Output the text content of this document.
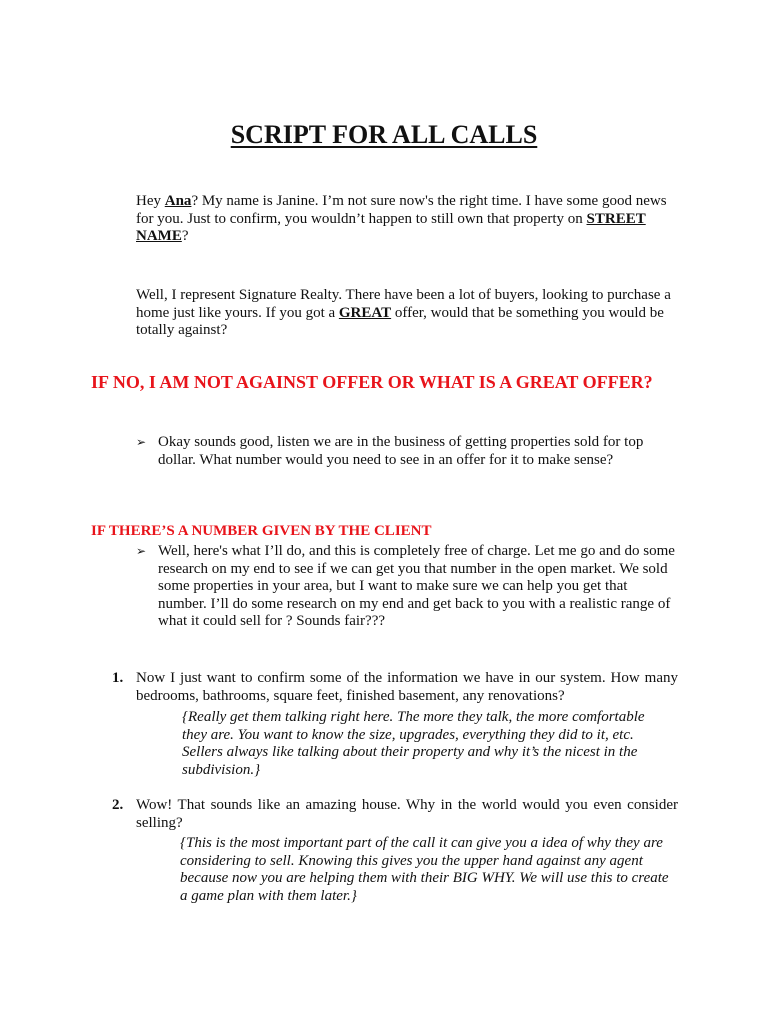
SCRIPT FOR ALL CALLS

Hey Ana? My name is Janine. I’m not sure now's the right time. I have some good news for you. Just to confirm, you wouldn’t happen to still own that property on STREET NAME?

Well, I represent Signature Realty. There have been a lot of buyers, looking to purchase a home just like yours. If you got a GREAT offer, would that be something you would be totally against?

IF NO, I AM NOT AGAINST OFFER OR WHAT IS A GREAT OFFER?

➢ Okay sounds good, listen we are in the business of getting properties sold for top dollar. What number would you need to see in an offer for it to make sense?

IF THERE’S A NUMBER GIVEN BY THE CLIENT

➢ Well, here's what I’ll do, and this is completely free of charge. Let me go and do some research on my end to see if we can get you that number in the open market. We sold some properties in your area, but I want to make sure we can help you get that number. I’ll do some research on my end and get back to you with a realistic range of what it could sell for ? Sounds fair???

1. Now I just want to confirm some of the information we have in our system. How many bedrooms, bathrooms, square feet, finished basement, any renovations?

{Really get them talking right here. The more they talk, the more comfortable they are. You want to know the size, upgrades, everything they did to it, etc. Sellers always like talking about their property and why it’s the nicest in the subdivision.}

2. Wow! That sounds like an amazing house. Why in the world would you even consider selling?

{This is the most important part of the call it can give you a idea of why they are considering to sell. Knowing this gives you the upper hand against any agent because now you are helping them with their BIG WHY. We will use this to create a game plan with them later.}
